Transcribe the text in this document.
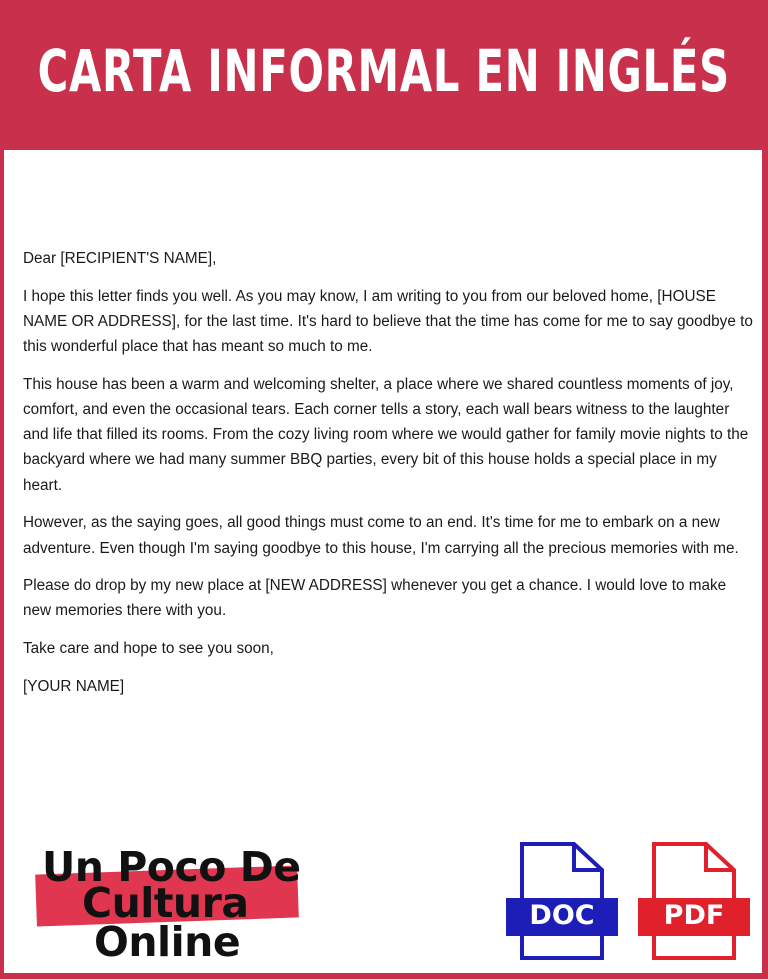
CARTA INFORMAL EN INGLÉS

Dear [RECIPIENT'S NAME],

I hope this letter finds you well. As you may know, I am writing to you from our beloved home, [HOUSE NAME OR ADDRESS], for the last time. It's hard to believe that the time has come for me to say goodbye to this wonderful place that has meant so much to me.

This house has been a warm and welcoming shelter, a place where we shared countless moments of joy, comfort, and even the occasional tears. Each corner tells a story, each wall bears witness to the laughter and life that filled its rooms. From the cozy living room where we would gather for family movie nights to the backyard where we had many summer BBQ parties, every bit of this house holds a special place in my heart.

However, as the saying goes, all good things must come to an end. It's time for me to embark on a new adventure. Even though I'm saying goodbye to this house, I'm carrying all the precious memories with me.

Please do drop by my new place at [NEW ADDRESS] whenever you get a chance. I would love to make new memories there with you.

Take care and hope to see you soon,

[YOUR NAME]

Un Poco De
Cultura
Online
DOC	PDF
